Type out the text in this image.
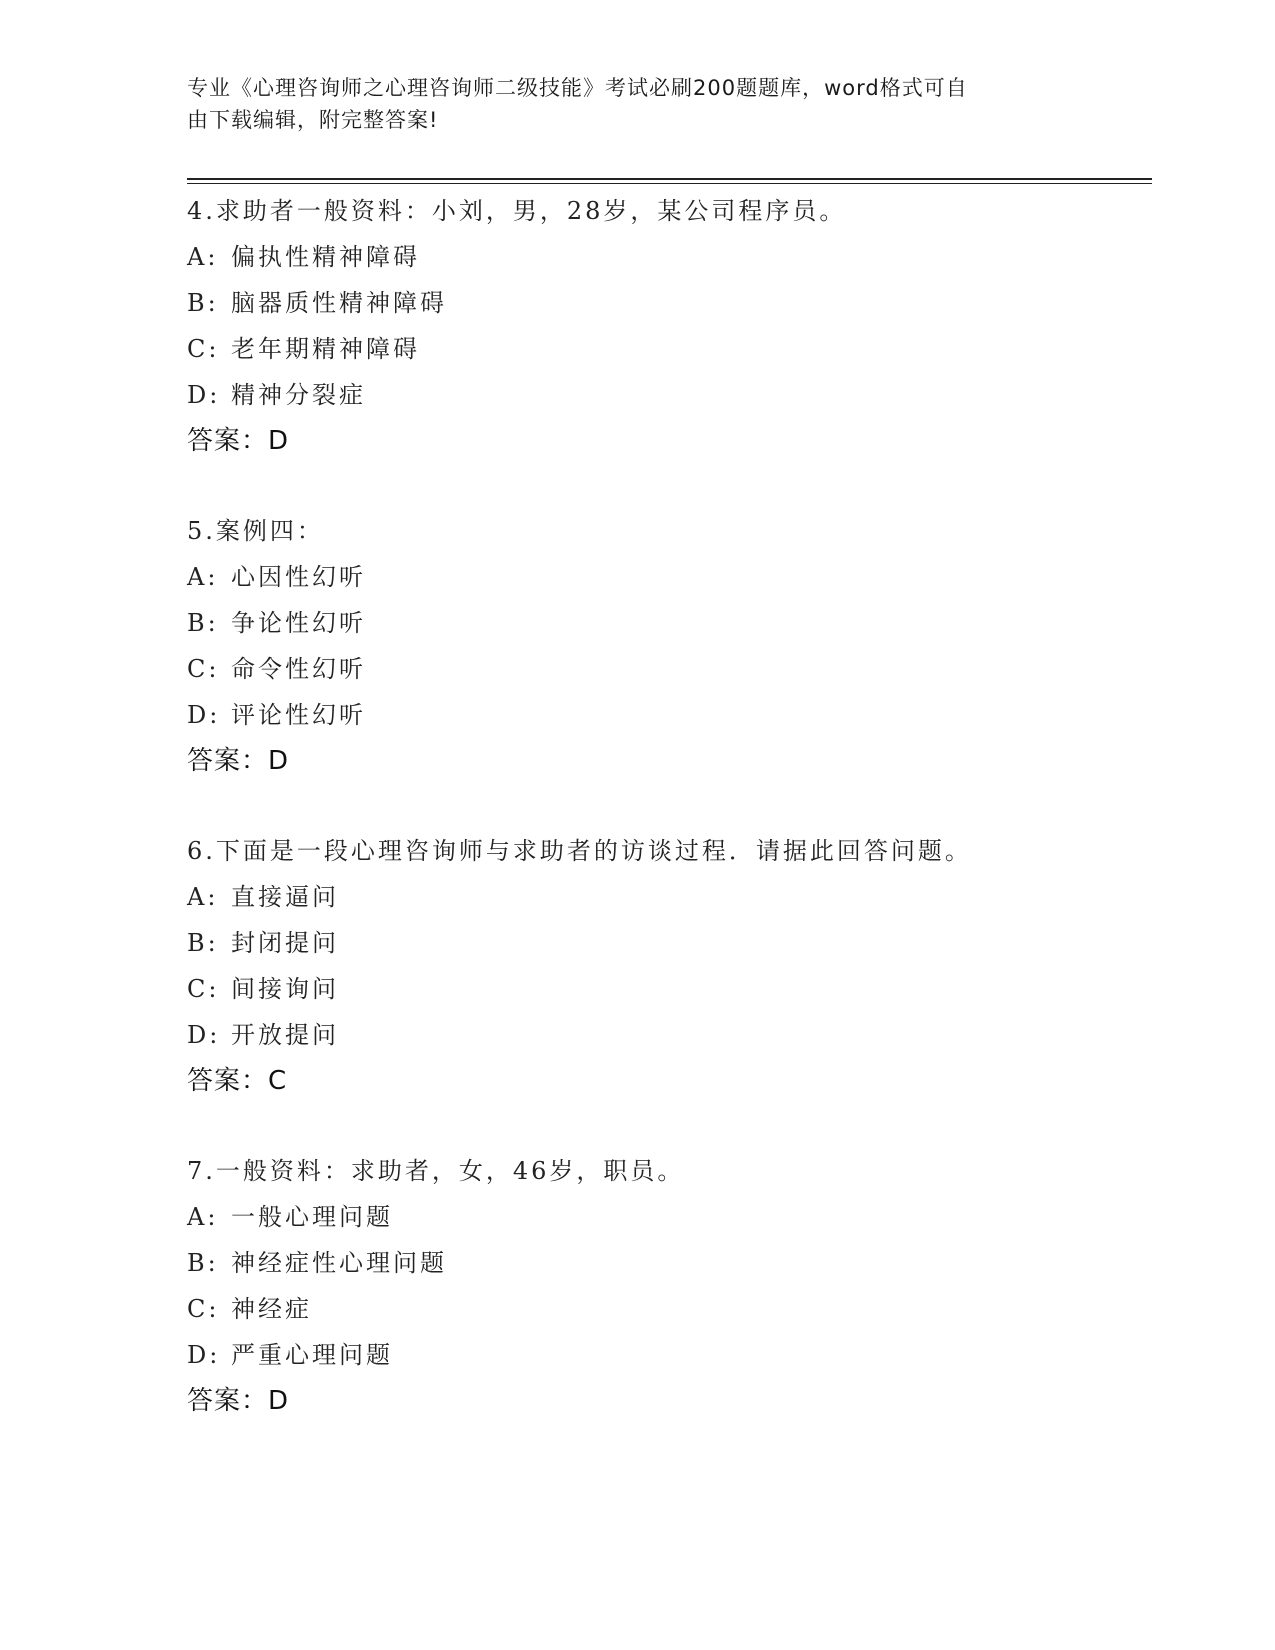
专业《心理咨询师之心理咨询师二级技能》考试必刷200题题库，word格式可自
由下载编辑，附完整答案!
4.求助者一般资料：小刘，男，28岁，某公司程序员。
A: 偏执性精神障碍
B: 脑器质性精神障碍
C: 老年期精神障碍
D: 精神分裂症
答案：D
5.案例四：
A: 心因性幻听
B: 争论性幻听
C: 命令性幻听
D: 评论性幻听
答案：D
6.下面是一段心理咨询师与求助者的访谈过程．请据此回答问题。
A: 直接逼问
B: 封闭提问
C: 间接询问
D: 开放提问
答案：C
7.一般资料：求助者，女，46岁，职员。
A: 一般心理问题
B: 神经症性心理问题
C: 神经症
D: 严重心理问题
答案：D
